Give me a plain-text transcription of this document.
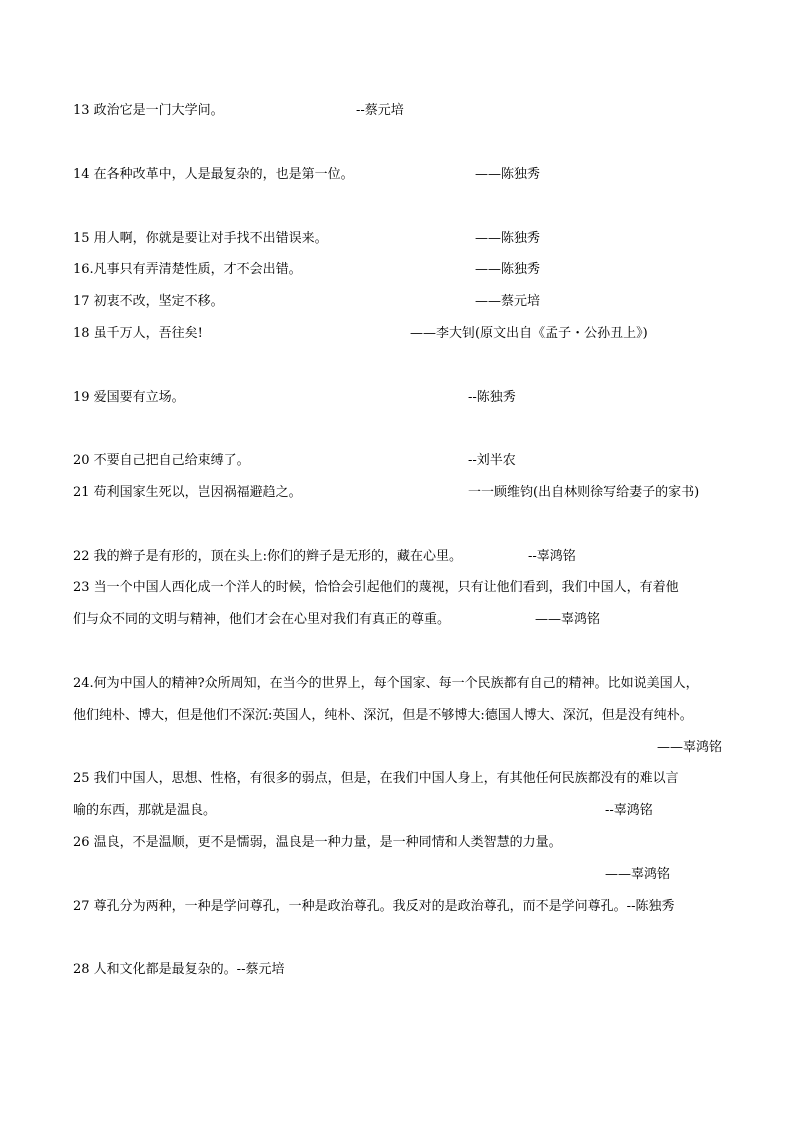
13 政治它是一门大学问。	--蔡元培
14 在各种改革中，人是最复杂的，也是第一位。	——陈独秀
15 用人啊，你就是要让对手找不出错误来。	——陈独秀
16.凡事只有弄清楚性质，才不会出错。	——陈独秀
17 初衷不改，坚定不移。	——蔡元培
18 虽千万人，吾往矣!	——李大钊(原文出自《孟子・公孙丑上》)
19 爱国要有立场。	--陈独秀
20 不要自己把自己给束缚了。	--刘半农
21 苟利国家生死以，岂因祸福避趋之。	一一顾维钧(出自林则徐写给妻子的家书)
22 我的辫子是有形的，顶在头上:你们的辫子是无形的，藏在心里。	--辜鸿铭
23 当一个中国人西化成一个洋人的时候，恰恰会引起他们的蔑视，只有让他们看到，我们中国人，有着他
们与众不同的文明与精神，他们才会在心里对我们有真正的尊重。	——辜鸿铭
24.何为中国人的精神?众所周知，在当今的世界上，每个国家、每一个民族都有自己的精神。比如说美国人，
他们纯朴、博大，但是他们不深沉:英国人，纯朴、深沉，但是不够博大:德国人博大、深沉，但是没有纯朴。
——辜鸿铭
25 我们中国人，思想、性格，有很多的弱点，但是，在我们中国人身上，有其他任何民族都没有的难以言
喻的东西，那就是温良。	--辜鸿铭
26 温良，不是温顺，更不是懦弱，温良是一种力量，是一种同情和人类智慧的力量。
——辜鸿铭
27 尊孔分为两种，一种是学问尊孔，一种是政治尊孔。我反对的是政治尊孔，而不是学问尊孔。--陈独秀
28 人和文化都是最复杂的。--蔡元培
